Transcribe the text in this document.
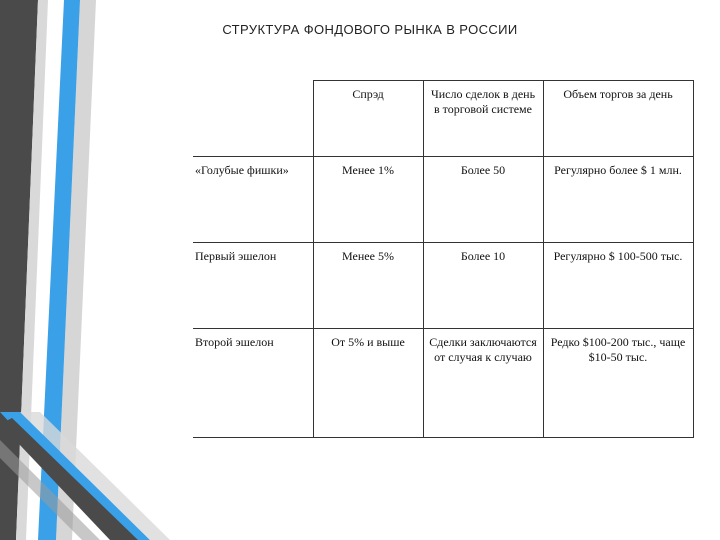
СТРУКТУРА ФОНДОВОГО РЫНКА В РОССИИ
	Спрэд	Число сделок в день в торговой системе	Объем торгов за день
«Голубые фишки»	Менее 1%	Более 50	Регулярно более $ 1 млн.
Первый эшелон	Менее 5%	Более 10	Регулярно $ 100-500 тыс.
Второй эшелон	От 5% и выше	Сделки заключаются от случая к случаю	Редко $100-200 тыс., чаще $10-50 тыс.
